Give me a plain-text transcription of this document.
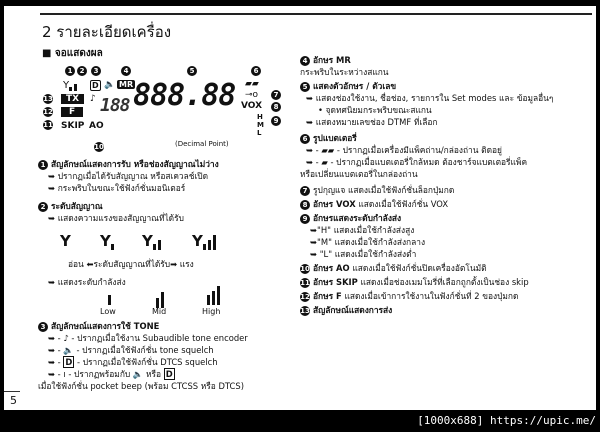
2 รายละเอียดเครื่อง
■ จอแสดงผล
1	2	3	4	5	6
7
8
9
10
11
12
13
Y	D 🔈 MR
TX	♪
F
SKIP AO
188 888.88 ▰▰
⊸o
VOX
H
M
L
(Decimal Point)
1 สัญลักษณ์แสดงการรับ หรือช่องสัญญาณไม่ว่าง
➥ ปรากฏเมื่อได้รับสัญญาณ หรือสเควลช์เปิด
➥ กระพริบในขณะใช้ฟังก์ชั่นมอนิเตอร์
2 ระดับสัญญาณ
➥ แสดงความแรงของสัญญาณที่ได้รับ
Y Y	Y	Y
อ่อน ⬅ระดับสัญญาณที่ได้รับ➡ แรง
➥ แสดงระดับกำลังส่ง
Low	Mid	High
3 สัญลักษณ์แสดงการใช้ TONE
➥ - ♪ - ปรากฏเมื่อใช้งาน Subaudible tone encoder
➥ - 🔈 - ปรากฏเมื่อใช้ฟังก์ชั่น tone squelch
➥ - D - ปรากฏเมื่อใช้ฟังก์ชั่น DTCS squelch
➥ - ı - ปรากฏพร้อมกับ 🔈 หรือ D
เมื่อใช้ฟังก์ชั่น pocket beep (พร้อม CTCSS หรือ DTCS)
4 อักษร MR
กระพริบในระหว่างสแกน
5 แสดงตัวอักษร / ตัวเลข
➥ แสดงช่องใช้งาน, ชื่อช่อง, รายการใน Set modes และ ข้อมูลอื่นๆ
• จุดทศนิยมกระพริบขณะสแกน
➥ แสดงหมายเลขช่อง DTMF ที่เลือก
6 รูปแบตเตอรี่
➥ - ▰▰ - ปรากฏเมื่อเครื่องมีแพ็คถ่าน/กล่องถ่าน ติดอยู่
➥ - ▰ - ปรากฏเมื่อแบตเตอรี่ใกล้หมด ต้องชาร์จแบตเตอรี่แพ็ค
หรือเปลี่ยนแบตเตอรี่ในกล่องถ่าน
7 รูปกุญแจ แสดงเมื่อใช้ฟังก์ชั่นล็อกปุ่มกด
8 อักษร VOX แสดงเมื่อใช้ฟังก์ชั่น VOX
9 อักษรแสดงระดับกำลังส่ง
➥"H" แสดงเมื่อใช้กำลังส่งสูง
➥"M" แสดงเมื่อใช้กำลังส่งกลาง
➥ "L" แสดงเมื่อใช้กำลังส่งต่ำ
10 อักษร AO แสดงเมื่อใช้ฟังก์ชั่นปิดเครื่องอัตโนมัติ
11 อักษร SKIP แสดงเมื่อช่องเมมโมรี่ที่เลือกถูกตั้งเป็นช่อง skip
12 อักษร F แสดงเมื่อเข้าการใช้งานในฟังก์ชั่นที่ 2 ของปุ่มกด
13 สัญลักษณ์แสดงการส่ง
5
[1000x688] https://upic.me/
